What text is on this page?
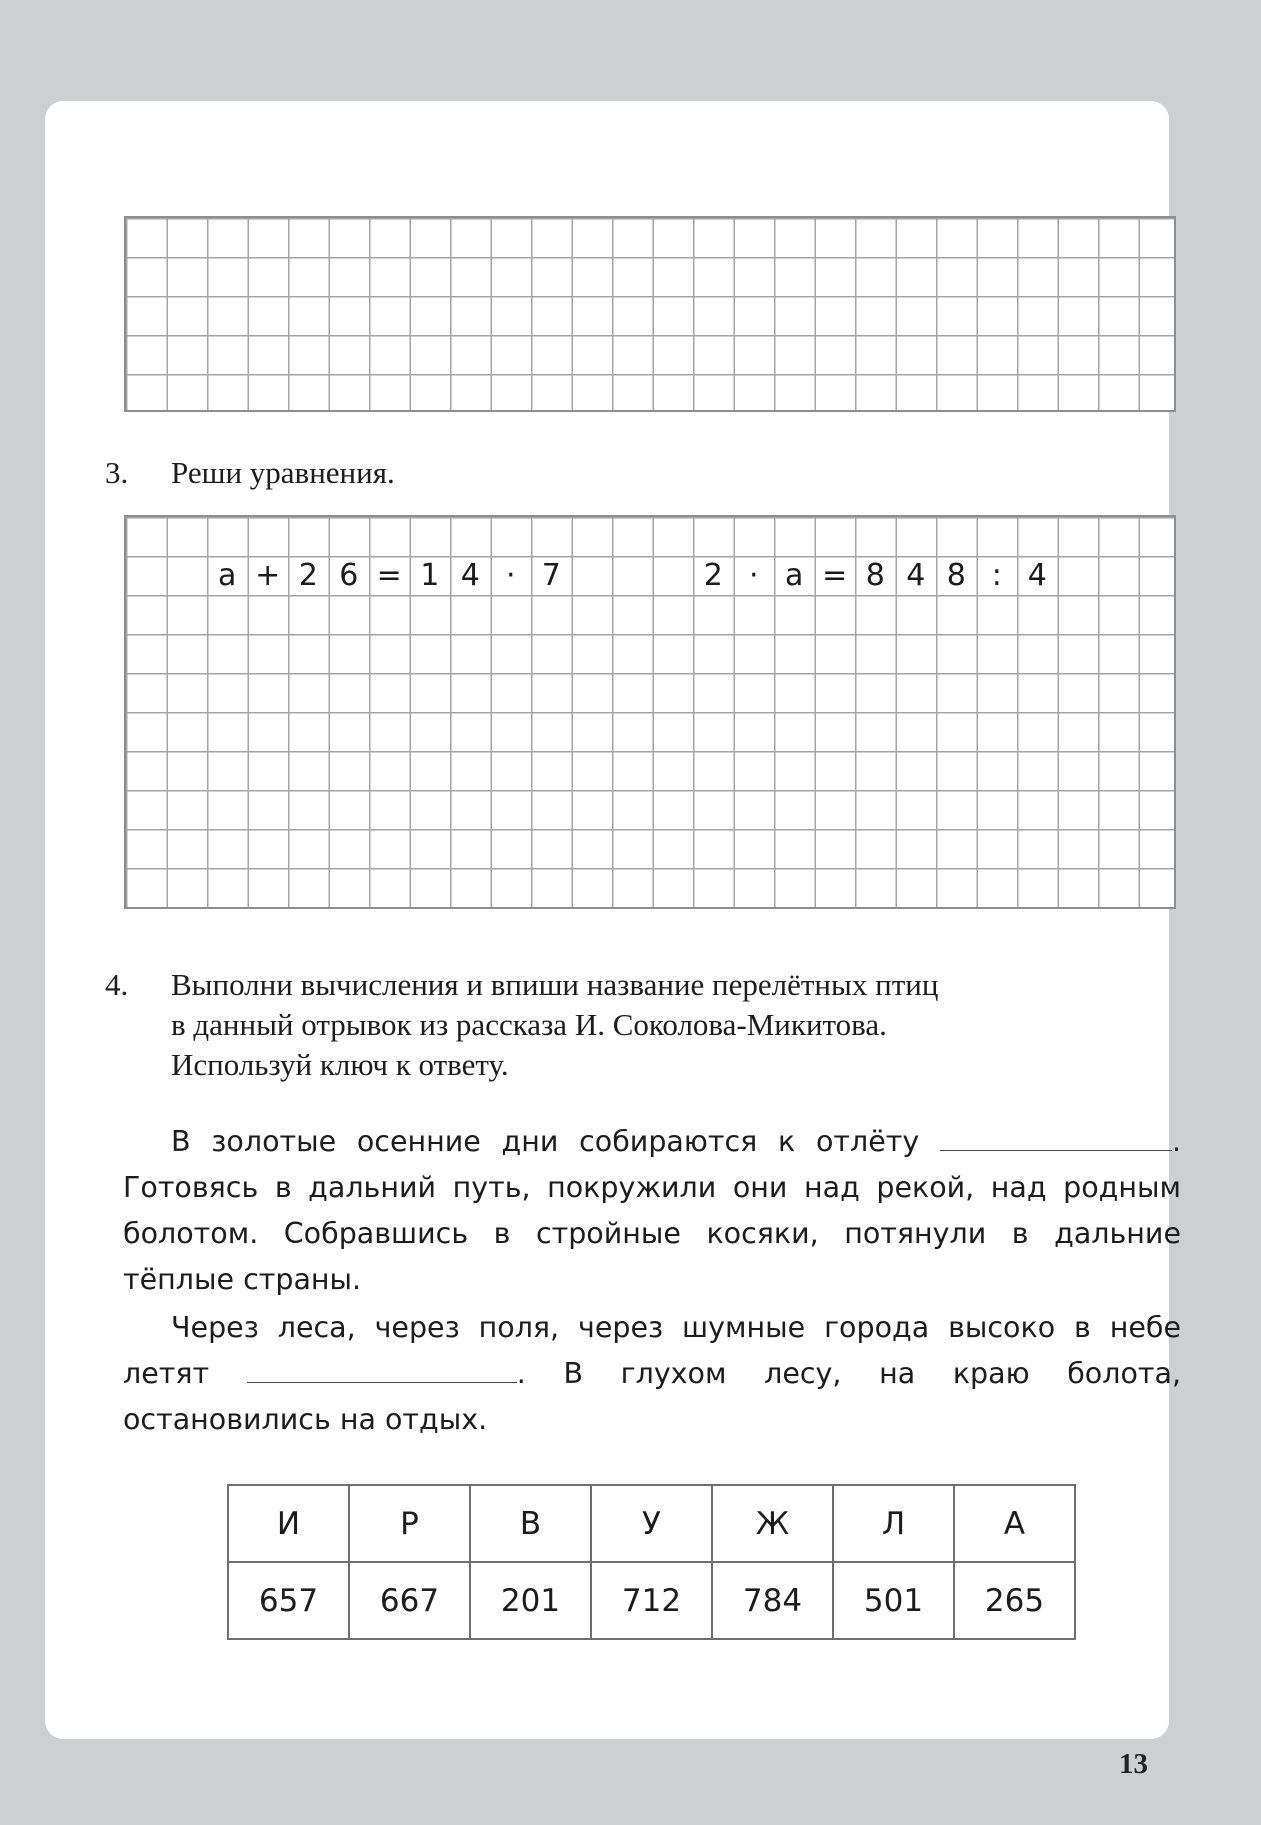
3. Реши уравнения.
а + 2 6 = 1 4 · 7	2 · а = 8 4 8 : 4
4. Выполни вычисления и впиши название перелётных птиц

в данный отрывок из рассказа И. Соколова-Микитова.

Используй ключ к ответу.

В золотые осенние дни собираются к отлёту	. Готовясь в дальний путь, покружили они над рекой, над родным болотом. Собравшись в стройные косяки, потянули в дальние тёплые страны.

Через леса, через поля, через шумные города высоко в небе летят	. В глухом лесу, на краю болота, остановились на отдых.

И	Р	В	У	Ж	Л	А
657	667	201	712	784	501	265
13
